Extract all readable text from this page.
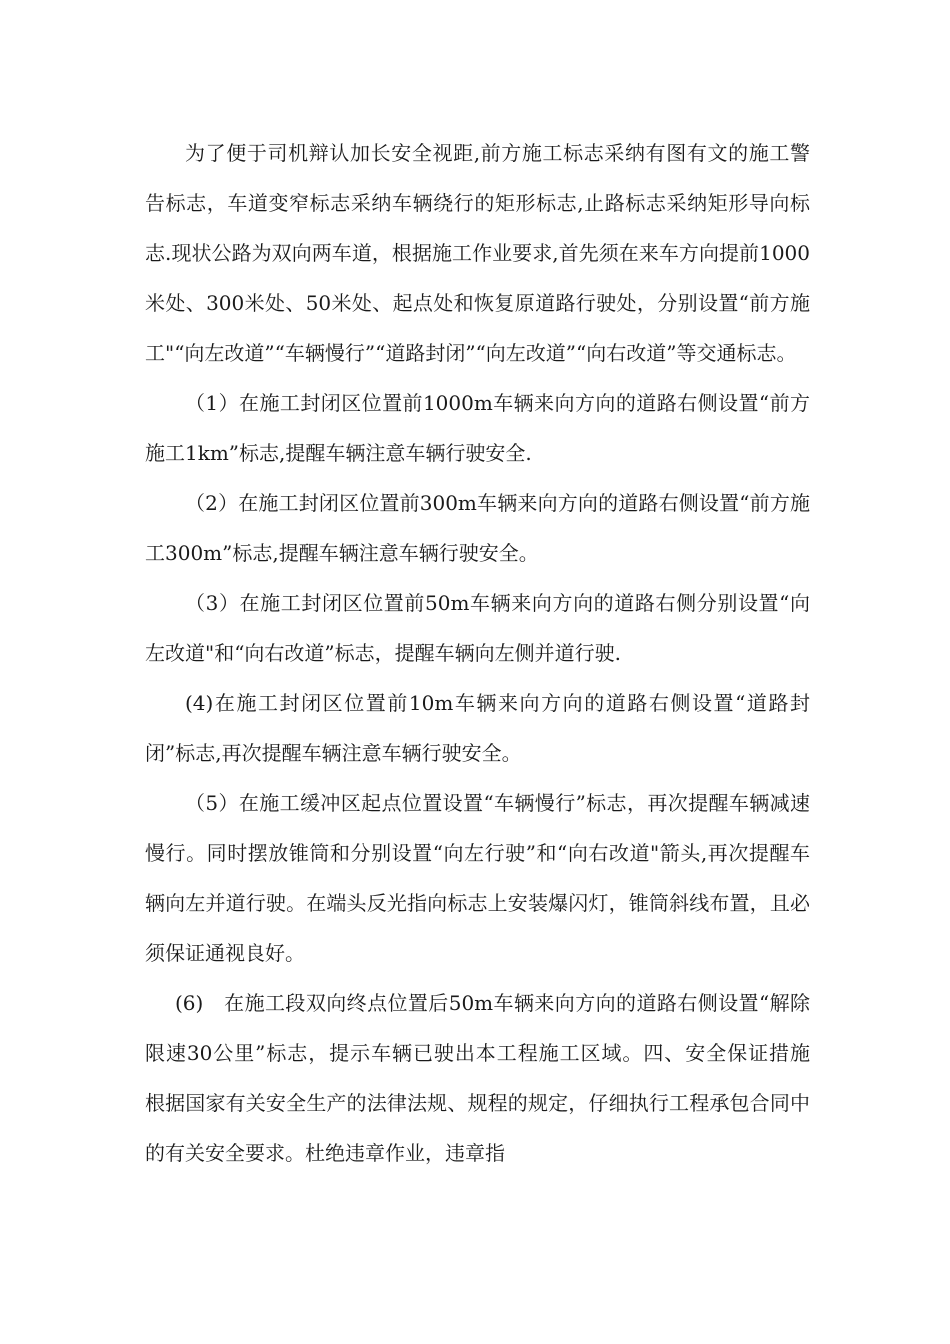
为了便于司机辩认加长安全视距,前方施工标志采纳有图有文的施工警告标志，车道变窄标志采纳车辆绕行的矩形标志,止路标志采纳矩形导向标志.现状公路为双向两车道，根据施工作业要求,首先须在来车方向提前1000米处、300米处、50米处、起点处和恢复原道路行驶处，分别设置“前方施工"“向左改道”“车辆慢行”“道路封闭”“向左改道”“向右改道”等交通标志。

（1）在施工封闭区位置前1000m车辆来向方向的道路右侧设置“前方施工1km”标志,提醒车辆注意车辆行驶安全.

（2）在施工封闭区位置前300m车辆来向方向的道路右侧设置“前方施工300m”标志,提醒车辆注意车辆行驶安全。

（3）在施工封闭区位置前50m车辆来向方向的道路右侧分别设置“向左改道"和“向右改道”标志，提醒车辆向左侧并道行驶.

(4)在施工封闭区位置前10m车辆来向方向的道路右侧设置“道路封闭”标志,再次提醒车辆注意车辆行驶安全。

（5）在施工缓冲区起点位置设置“车辆慢行”标志，再次提醒车辆减速慢行。同时摆放锥筒和分别设置“向左行驶”和“向右改道"箭头,再次提醒车辆向左并道行驶。在端头反光指向标志上安装爆闪灯，锥筒斜线布置，且必须保证通视良好。

(6)　在施工段双向终点位置后50m车辆来向方向的道路右侧设置“解除限速30公里”标志，提示车辆已驶出本工程施工区域。四、安全保证措施　　根据国家有关安全生产的法律法规、规程的规定，仔细执行工程承包合同中的有关安全要求。杜绝违章作业，违章指
